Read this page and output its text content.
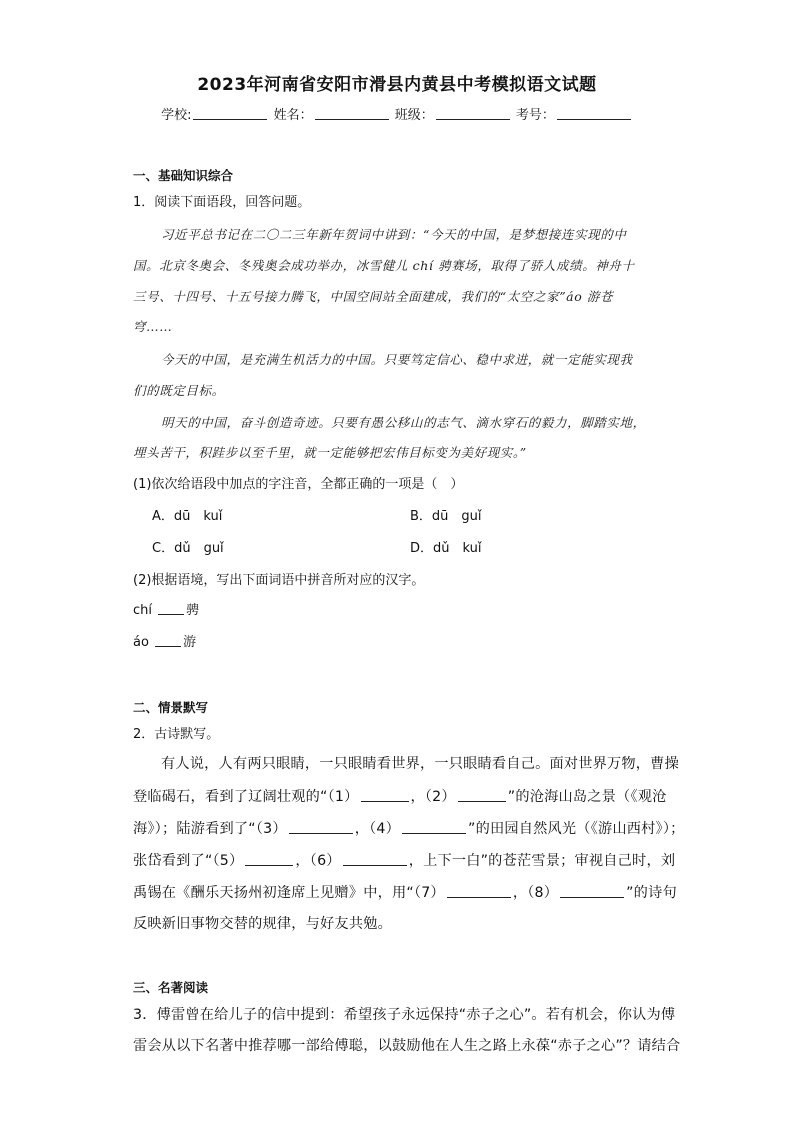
2023年河南省安阳市滑县内黄县中考模拟语文试题
学校:	姓名：	班级：	考号：
一、基础知识综合
1．阅读下面语段，回答问题。
习近平总书记在二〇二三年新年贺词中讲到：“今天的中国，是梦想接连实现的中
国。北京冬奥会、冬残奥会成功举办，冰雪健儿 chí 骋赛场，取得了骄人成绩。神舟十
三号、十四号、十五号接力腾飞，中国空间站全面建成，我们的“太空之家”áo 游苍
穹……
今天的中国，是充满生机活力的中国。只要笃定信心、稳中求进，就一定能实现我
们的既定目标。
明天的中国，奋斗创造奇迹。只要有愚公移山的志气、滴水穿石的毅力，脚踏实地，
埋头苦干，积跬步以至千里，就一定能够把宏伟目标变为美好现实。”
(1)依次给语段中加点的字注音，全都正确的一项是（　）
A．dū　kuǐ	B．dū　guǐ
C．dǔ　guǐ	D．dǔ　kuǐ
(2)根据语境，写出下面词语中拼音所对应的汉字。
chí	骋
áo	游
二、情景默写
2．古诗默写。
有人说，人有两只眼睛，一只眼睛看世界，一只眼睛看自己。面对世界万物，曹操
登临碣石，看到了辽阔壮观的“（1）	，（2）	”的沧海山岛之景（《观沧
海》）；陆游看到了“（3）	，（4）	”的田园自然风光（《游山西村》）；
张岱看到了“（5）	，（6）	，上下一白”的苍茫雪景；审视自己时，刘
禹锡在《酬乐天扬州初逢席上见赠》中，用“（7）	，（8）	”的诗句
反映新旧事物交替的规律，与好友共勉。
三、名著阅读
3．傅雷曾在给儿子的信中提到：希望孩子永远保持“赤子之心”。若有机会，你认为傅
雷会从以下名著中推荐哪一部给傅聪，以鼓励他在人生之路上永葆“赤子之心”？请结合
